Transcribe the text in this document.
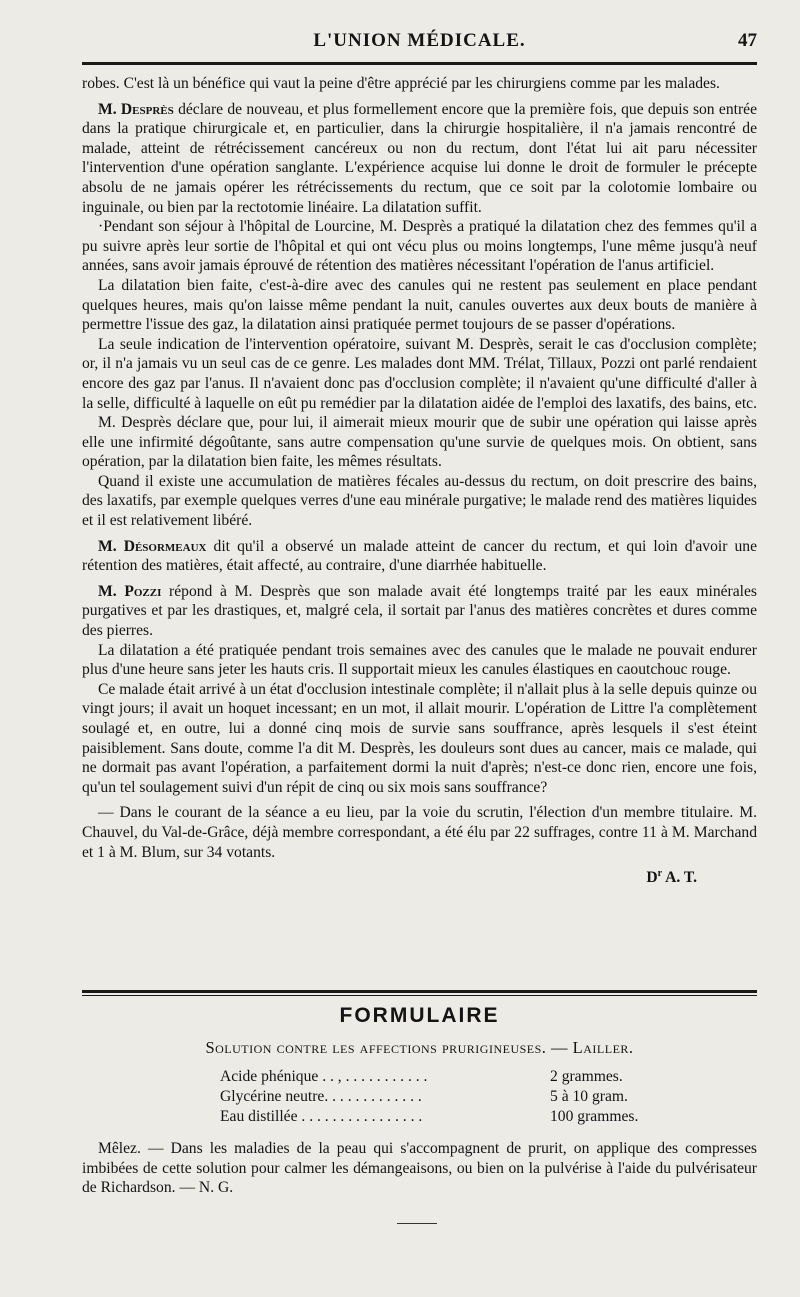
L'UNION MÉDICALE.	47

robes. C'est là un bénéfice qui vaut la peine d'être apprécié par les chirurgiens comme par les malades.

M. Desprès déclare de nouveau, et plus formellement encore que la première fois, que depuis son entrée dans la pratique chirurgicale et, en particulier, dans la chirurgie hospitalière, il n'a jamais rencontré de malade, atteint de rétrécissement cancéreux ou non du rectum, dont l'état lui ait paru nécessiter l'intervention d'une opération sanglante. L'expérience acquise lui donne le droit de formuler le précepte absolu de ne jamais opérer les rétrécissements du rectum, que ce soit par la colotomie lombaire ou inguinale, ou bien par la rectotomie linéaire. La dilatation suffit.

·Pendant son séjour à l'hôpital de Lourcine, M. Desprès a pratiqué la dilatation chez des femmes qu'il a pu suivre après leur sortie de l'hôpital et qui ont vécu plus ou moins longtemps, l'une même jusqu'à neuf années, sans avoir jamais éprouvé de rétention des matières nécessitant l'opération de l'anus artificiel.

La dilatation bien faite, c'est-à-dire avec des canules qui ne restent pas seulement en place pendant quelques heures, mais qu'on laisse même pendant la nuit, canules ouvertes aux deux bouts de manière à permettre l'issue des gaz, la dilatation ainsi pratiquée permet toujours de se passer d'opérations.

La seule indication de l'intervention opératoire, suivant M. Desprès, serait le cas d'occlusion complète; or, il n'a jamais vu un seul cas de ce genre. Les malades dont MM. Trélat, Tillaux, Pozzi ont parlé rendaient encore des gaz par l'anus. Il n'avaient donc pas d'occlusion complète; il n'avaient qu'une difficulté d'aller à la selle, difficulté à laquelle on eût pu remédier par la dilatation aidée de l'emploi des laxatifs, des bains, etc.

M. Desprès déclare que, pour lui, il aimerait mieux mourir que de subir une opération qui laisse après elle une infirmité dégoûtante, sans autre compensation qu'une survie de quelques mois. On obtient, sans opération, par la dilatation bien faite, les mêmes résultats.

Quand il existe une accumulation de matières fécales au-dessus du rectum, on doit prescrire des bains, des laxatifs, par exemple quelques verres d'une eau minérale purgative; le malade rend des matières liquides et il est relativement libéré.

M. Désormeaux dit qu'il a observé un malade atteint de cancer du rectum, et qui loin d'avoir une rétention des matières, était affecté, au contraire, d'une diarrhée habituelle.

M. Pozzi répond à M. Desprès que son malade avait été longtemps traité par les eaux minérales purgatives et par les drastiques, et, malgré cela, il sortait par l'anus des matières concrètes et dures comme des pierres.

La dilatation a été pratiquée pendant trois semaines avec des canules que le malade ne pouvait endurer plus d'une heure sans jeter les hauts cris. Il supportait mieux les canules élastiques en caoutchouc rouge.

Ce malade était arrivé à un état d'occlusion intestinale complète; il n'allait plus à la selle depuis quinze ou vingt jours; il avait un hoquet incessant; en un mot, il allait mourir. L'opération de Littre l'a complètement soulagé et, en outre, lui a donné cinq mois de survie sans souffrance, après lesquels il s'est éteint paisiblement. Sans doute, comme l'a dit M. Desprès, les douleurs sont dues au cancer, mais ce malade, qui ne dormait pas avant l'opération, a parfaitement dormi la nuit d'après; n'est-ce donc rien, encore une fois, qu'un tel soulagement suivi d'un répit de cinq ou six mois sans souffrance?

— Dans le courant de la séance a eu lieu, par la voie du scrutin, l'élection d'un membre titulaire. M. Chauvel, du Val-de-Grâce, déjà membre correspondant, a été élu par 22 suffrages, contre 11 à M. Marchand et 1 à M. Blum, sur 34 votants.

$D^r$ A. T.
FORMULAIRE
Solution contre les affections prurigineuses. — Lailler.
Acide phénique . . , . . . . . . . . . . .	2 grammes.
Glycérine neutre. . . . . . . . . . . . .	5 à 10 gram.
Eau distillée . . . . . . . . . . . . . . . .	100 grammes.
Mêlez. — Dans les maladies de la peau qui s'accompagnent de prurit, on applique des compresses imbibées de cette solution pour calmer les démangeaisons, ou bien on la pulvérise à l'aide du pulvérisateur de Richardson. — N. G.
